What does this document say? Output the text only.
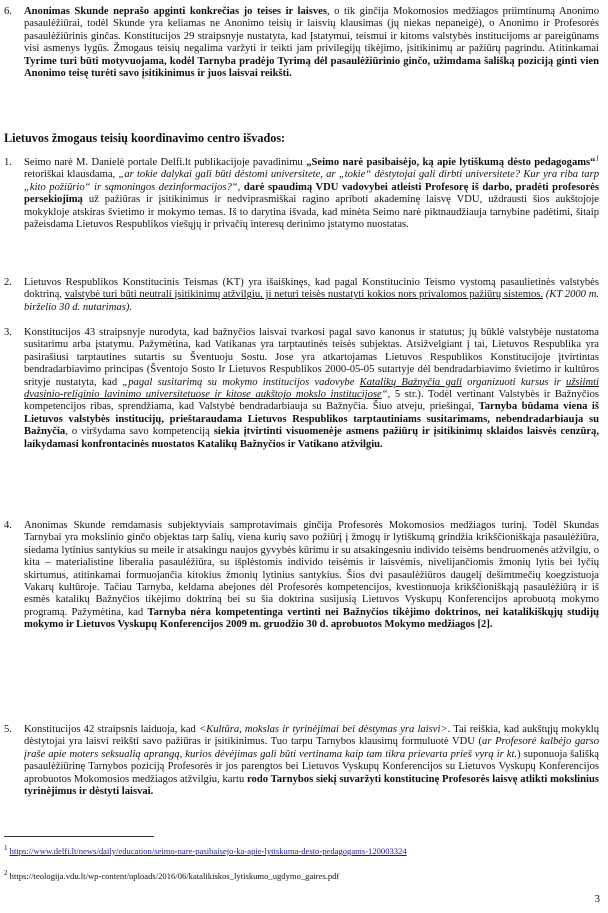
6. Anonimas Skunde neprašo apginti konkrečias jo teises ir laisves, o tik ginčija Mokomosios medžiagos priimtinumą Anonimo pasaulėžiūrai, todėl Skunde yra keliamas ne Anonimo teisių ir laisvių klausimas (jų niekas nepaneigė), o Anonimo ir Profesorės pasaulėžiūrinis ginčas. Konstitucijos 29 straipsnyje nustatyta, kad Įstatymui, teismui ir kitoms valstybės institucijoms ar pareigūnams visi asmenys lygūs. Žmogaus teisių negalima varžyti ir teikti jam privilegijų tikėjimo, įsitikinimų ar pažiūrų pagrindu. Atitinkamai Tyrime turi būti motyvuojama, kodėl Tarnyba pradėjo Tyrimą dėl pasaulėžiūrinio ginčo, užimdama šališką poziciją ginti vien Anonimo teisę turėti savo įsitikinimus ir juos laisvai reikšti.
Lietuvos žmogaus teisių koordinavimo centro išvados:
1. Seimo narė M. Danielė portale Delfi.lt publikacijoje pavadinimu „Seimo narė pasibaisėjo, ką apie lytiškumą dėsto pedagogams“$^1$ retoriškai klausdama, „ar tokie dalykai gali būti dėstomi universitete, ar „tokie“ dėstytojai gali dirbti universitete? Kur yra riba tarp „kito požiūrio“ ir sąmoningos dezinformacijos?“, darė spaudimą VDU vadovybei atleisti Profesorę iš darbo, pradėti profesorės persekiojimą už pažiūras ir įsitikinimus ir nedviprasmiškai ragino apriboti akademinę laisvę VDU, uždrausti šios aukštojoje mokykloje atskiras švietimo ir mokymo temas. Iš to darytina išvada, kad minėta Seimo narė piktnaudžiauja tarnybine padėtimi, šitaip pažeisdama Lietuvos Respublikos viešųjų ir privačių interesų derinimo įstatymo nuostatas.
2. Lietuvos Respublikos Konstitucinis Teismas (KT) yra išaiškinęs, kad pagal Konstitucinio Teismo vystomą pasaulietinės valstybės doktriną, valstybė turi būti neutrali įsitikinimų atžvilgiu, ji neturi teisės nustatyti kokios nors privalomos pažiūrų sistemos. (KT 2000 m. birželio 30 d. nutarimas).
3. Konstitucijos 43 straipsnyje nurodyta, kad bažnyčios laisvai tvarkosi pagal savo kanonus ir statutus; jų būklė valstybėje nustatoma susitarimu arba įstatymu. Pažymėtina, kad Vatikanas yra tarptautinės teisės subjektas. Atsižvelgiant į tai, Lietuvos Respublika yra pasirašiusi tarptautines sutartis su Šventuoju Sostu. Jose yra atkartojamas Lietuvos Respublikos Konstitucijoje įtvirtintas bendradarbiavimo principas (Šventojo Sosto Ir Lietuvos Respublikos 2000-05-05 sutartyje dėl bendradarbiavimo švietimo ir kultūros srityje nustatyta, kad „pagal susitarimą su mokymo institucijos vadovybe Katalikų Bažnyčia gali organizuoti kursus ir užsiimti dvasinio-religinio lavinimo universitetuose ir kitose aukštojo mokslo institucijose“, 5 str.). Todėl vertinant Valstybės ir Bažnyčios kompetencijos ribas, sprendžiama, kad Valstybė bendradarbiauja su Bažnyčia. Šiuo atveju, priešingai, Tarnyba būdama viena iš Lietuvos valstybės institucijų, prieštaraudama Lietuvos Respublikos tarptautiniams susitarimams, nebendradarbiauja su Bažnyčia, o viršydama savo kompetenciją siekia įtvirtinti visuomenėje asmens pažiūrų ir įsitikinimų sklaidos laisvės cenzūrą, laikydamasi konfrontacinės nuostatos Katalikų Bažnyčios ir Vatikano atžvilgiu.
4. Anonimas Skunde remdamasis subjektyviais samprotavimais ginčija Profesorės Mokomosios medžiagos turinį. Todėl Skundas Tarnybai yra mokslinio ginčo objektas tarp šalių, viena kurių savo požiūrį į žmogų ir lytiškumą grindžia krikščioniškąja pasaulėžiūra, siedama lytinius santykius su meile ir atsakingu naujos gyvybės kūrimu ir su atsakingesniu individo teisėms bendruomenės atžvilgiu, o kita – materialistine liberalia pasaulėžiūra, su išplėstomis individo teisėmis ir laisvėmis, nivelijančiomis žmonių lytis bei lyčių skirtumus, atitinkamai formuojančia kitokius žmonių lytinius santykius. Šios dvi pasaulėžiūros daugelį dešimtmečių koegzistuoja Vakarų kultūroje. Tačiau Tarnyba, keldama abejones dėl Profesorės kompetencijos, kvestionuoja krikščioniškąją pasaulėžiūrą ir iš esmės katalikų Bažnyčios tikėjimo doktriną bei su šia doktrina susijusią Lietuvos Vyskupų Konferencijos aprobuotą mokymo programą. Pažymėtina, kad Tarnyba nėra kompetentinga vertinti nei Bažnyčios tikėjimo doktrinos, nei katalikiškųjų studijų mokymo ir Lietuvos Vyskupų Konferencijos 2009 m. gruodžio 30 d. aprobuotos Mokymo medžiagos [2].
5. Konstitucijos 42 straipsnis laiduoja, kad <Kultūra, mokslas ir tyrinėjimai bei dėstymas yra laisvi>. Tai reiškia, kad aukštųjų mokyklų dėstytojai yra laisvi reikšti savo pažiūras ir įsitikinimus. Tuo tarpu Tarnybos klausimų formuluotė VDU (ar Profesorė kalbėjo garso įraše apie moters seksualią aprangą, kurios dėvėjimas gali būti vertinama kaip tam tikra prievarta prieš vyrą ir kt.) suponuoja šališką pasaulėžiūrinę Tarnybos poziciją Profesorės ir jos parengtos bei Lietuvos Vyskupų Konferencijos su Lietuvos Vyskupų Konferencijos aprobuotos Mokomosios medžiagos atžvilgiu, kartu rodo Tarnybos siekį suvaržyti konstitucinę Profesorės laisvę atlikti mokslinius tyrinėjimus ir dėstyti laisvai.
$^1$ https://www.delfi.lt/news/daily/education/seimo-nare-pasibaisejo-ka-apie-lytiskuma-desto-pedagogams-120003324
$^2$ https://teologija.vdu.lt/wp-content/uploads/2016/06/katalikiskos_lytiskumo_ugdymo_gaires.pdf
3
